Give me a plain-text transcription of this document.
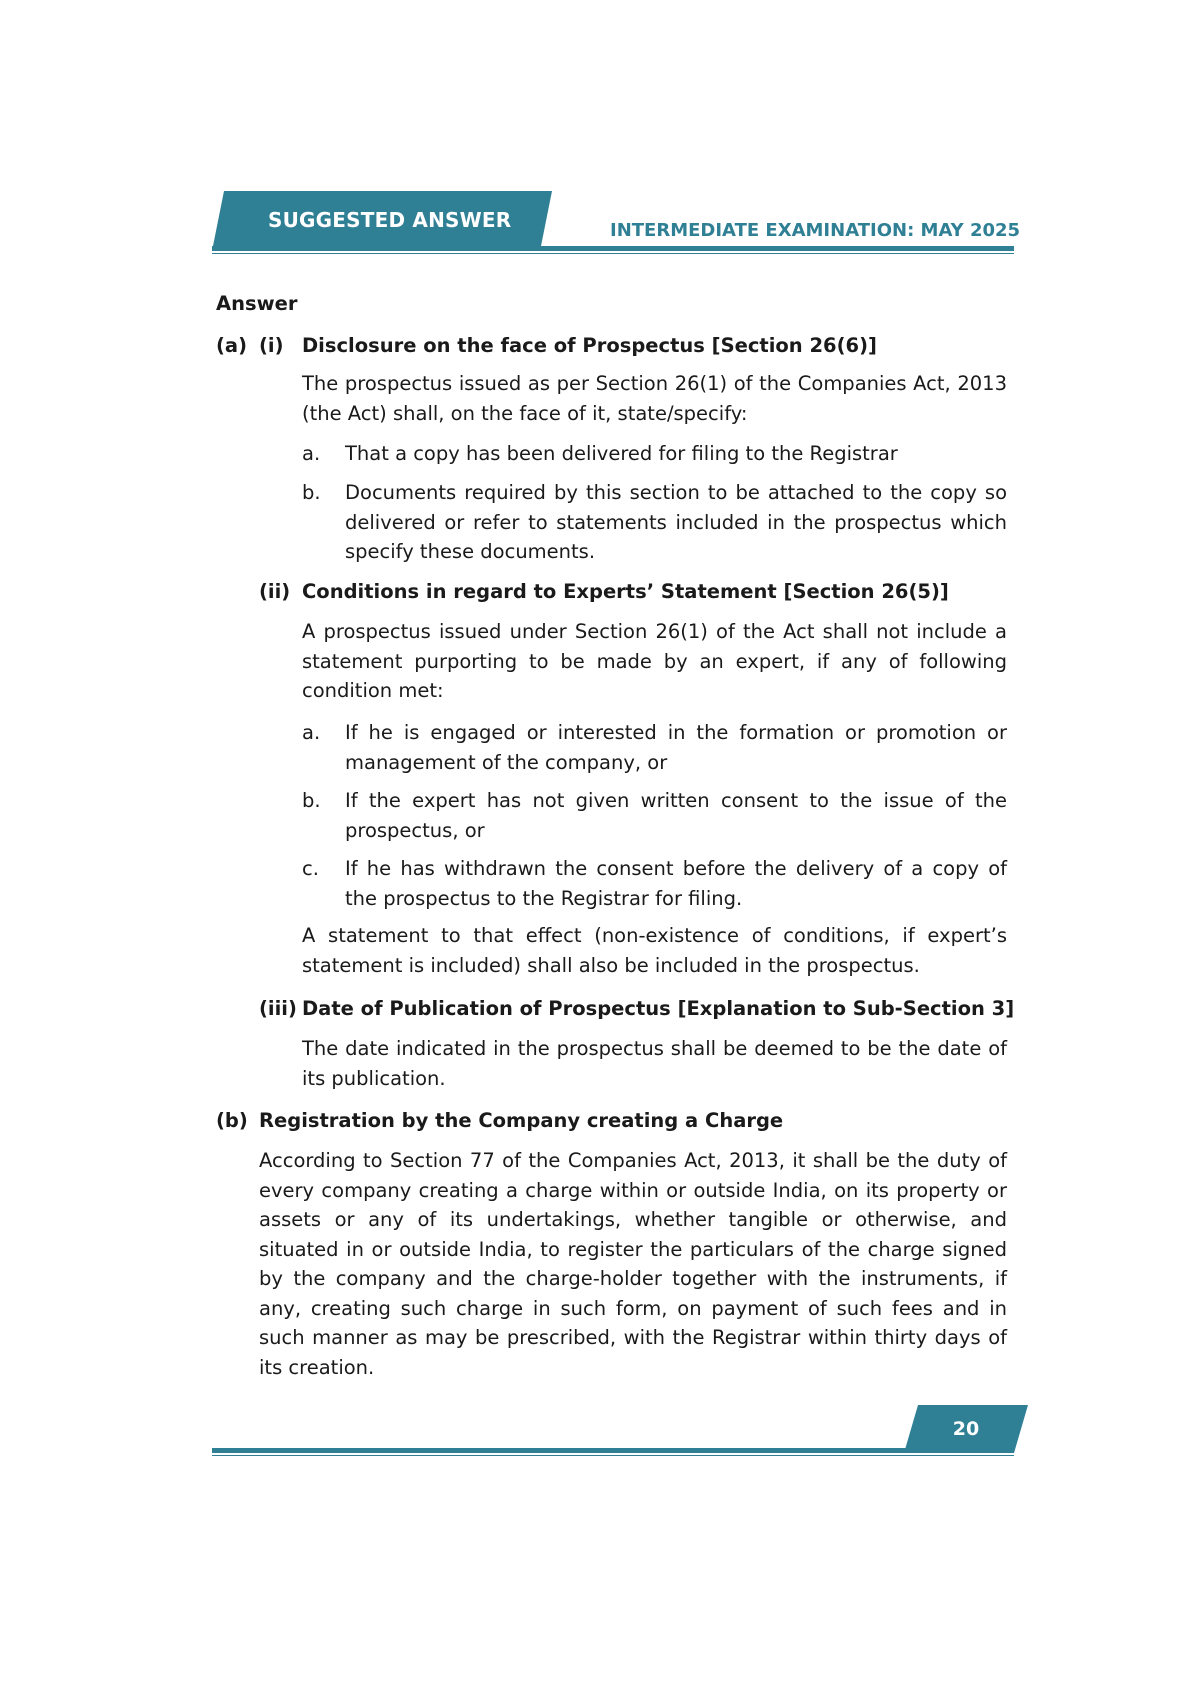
SUGGESTED ANSWER	INTERMEDIATE EXAMINATION: MAY 2025
Answer
(a) (i) Disclosure on the face of Prospectus [Section 26(6)]
The prospectus issued as per Section 26(1) of the Companies Act, 2013 (the Act) shall, on the face of it, state/specify:
a. That a copy has been delivered for filing to the Registrar
b. Documents required by this section to be attached to the copy so delivered or refer to statements included in the prospectus which specify these documents.
(ii) Conditions in regard to Experts’ Statement [Section 26(5)]
A prospectus issued under Section 26(1) of the Act shall not include a statement purporting to be made by an expert, if any of following condition met:
a. If he is engaged or interested in the formation or promotion or management of the company, or
b. If the expert has not given written consent to the issue of the prospectus, or
c. If he has withdrawn the consent before the delivery of a copy of the prospectus to the Registrar for filing.
A statement to that effect (non-existence of conditions, if expert’s statement is included) shall also be included in the prospectus.
(iii) Date of Publication of Prospectus [Explanation to Sub-Section 3]
The date indicated in the prospectus shall be deemed to be the date of its publication.
(b) Registration by the Company creating a Charge
According to Section 77 of the Companies Act, 2013, it shall be the duty of every company creating a charge within or outside India, on its property or assets or any of its undertakings, whether tangible or otherwise, and situated in or outside India, to register the particulars of the charge signed by the company and the charge-holder together with the instruments, if any, creating such charge in such form, on payment of such fees and in such manner as may be prescribed, with the Registrar within thirty days of its creation.
20
